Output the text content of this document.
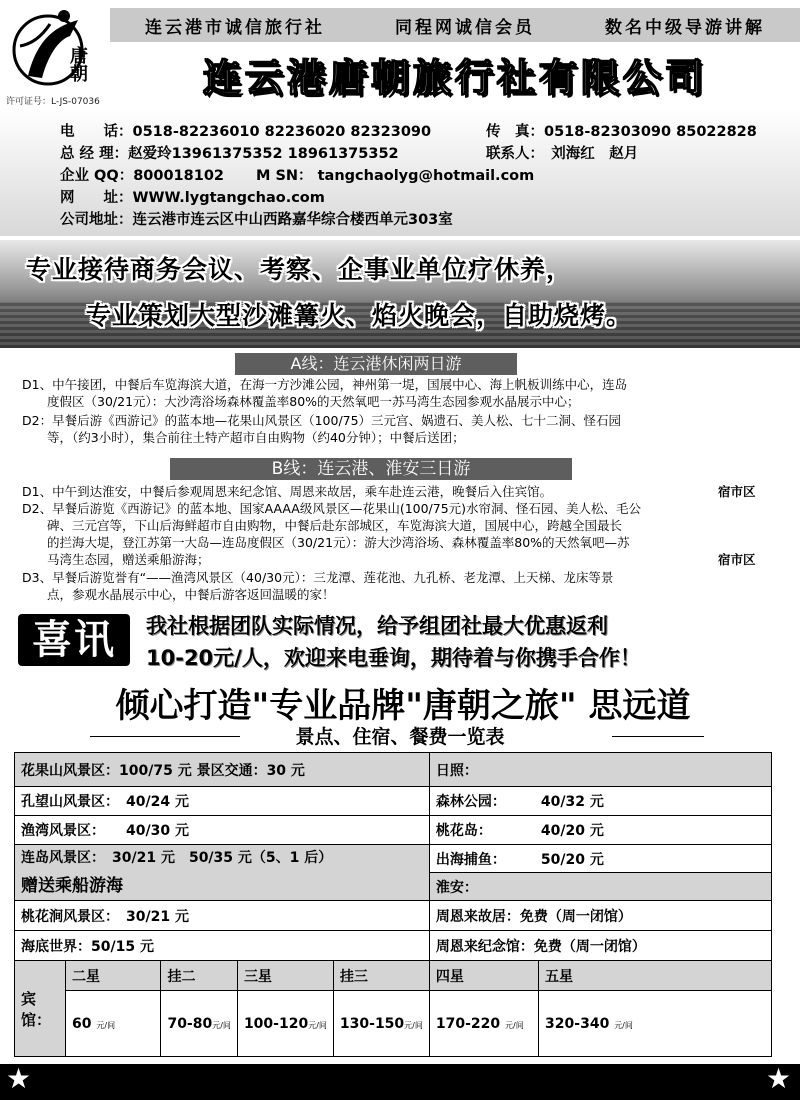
唐朝
许可证号：L-JS-07036
连云港市诚信旅行社	同程网诚信会员	数名中级导游讲解
连云港唐朝旅行社有限公司
电　　话：0518-82236010 82236020 82323090	传　真：0518-82303090 85022828
总 经 理：赵爱玲13961375352 18961375352	联系人：　 刘海红　赵月
企业 QQ：800018102 M SN： tangchaolyg@hotmail.com
网　　址：WWW.lygtangchao.com
公司地址：连云港市连云区中山西路嘉华综合楼西单元303室
专业接待商务会议、考察、企事业单位疗休养，
专业策划大型沙滩篝火、焰火晚会，自助烧烤。
A线：连云港休闲两日游

D1、中午接团，中餐后车览海滨大道，在海一方沙滩公园，神州第一堤，国展中心、海上帆板训练中心，连岛

　　度假区（30/21元）：大沙湾浴场森林覆盖率80%的天然氧吧一苏马湾生态园参观水晶展示中心；

D2：早餐后游《西游记》的蓝本地—花果山风景区（100/75）三元宫、娲遗石、美人松、七十二洞、怪石园

　　等，（约3小时），集合前往土特产超市自由购物（约40分钟）；中餐后送团；

B线：连云港、淮安三日游

D1、中午到达淮安，中餐后参观周恩来纪念馆、周恩来故居，乘车赴连云港，晚餐后入住宾馆。	宿市区

D2、早餐后游览《西游记》的蓝本地、国家AAAA级风景区—花果山(100/75元)水帘洞、怪石园、美人松、毛公

　　碑、三元宫等，下山后海鲜超市自由购物，中餐后赴东部城区，车览海滨大道，国展中心，跨越全国最长

　　的拦海大堤，登江苏第一大岛—连岛度假区（30/21元）：游大沙湾浴场、森林覆盖率80%的天然氧吧—苏

　　马湾生态园，赠送乘船游海；	宿市区

D3、早餐后游览誉有“——渔湾风景区（40/30元）：三龙潭、莲花池、九孔桥、老龙潭、上天梯、龙床等景

　　点，参观水晶展示中心，中餐后游客返回温暖的家！

喜讯	我社根据团队实际情况，给予组团社最大优惠返利
10-20元/人，欢迎来电垂询，期待着与你携手合作！
倾心打造"专业品牌"唐朝之旅" 思远道
景点、住宿、餐费一览表
花果山风景区：100/75 元 景区交通：30 元					日照：	
孔望山风景区：　40/24 元					森林公园：　　　40/32 元	
渔湾风景区：　　40/30 元					桃花岛：　　　　40/20 元	

连岛风景区：　30/21 元　50/35 元（5、1 后）
赠送乘船游海					出海捕鱼：　　　50/20 元	
					淮安：	
桃花涧风景区：　30/21 元					周恩来故居：免费（周一闭馆）	
海底世界：50/15 元					周恩来纪念馆：免费（周一闭馆）	
宾馆：	二星	挂二	三星	挂三	四星	五星
	60 元/间	70-80元/间	100-120元/间	130-150元/间	170-220 元/间	320-340 元/间
★	★
